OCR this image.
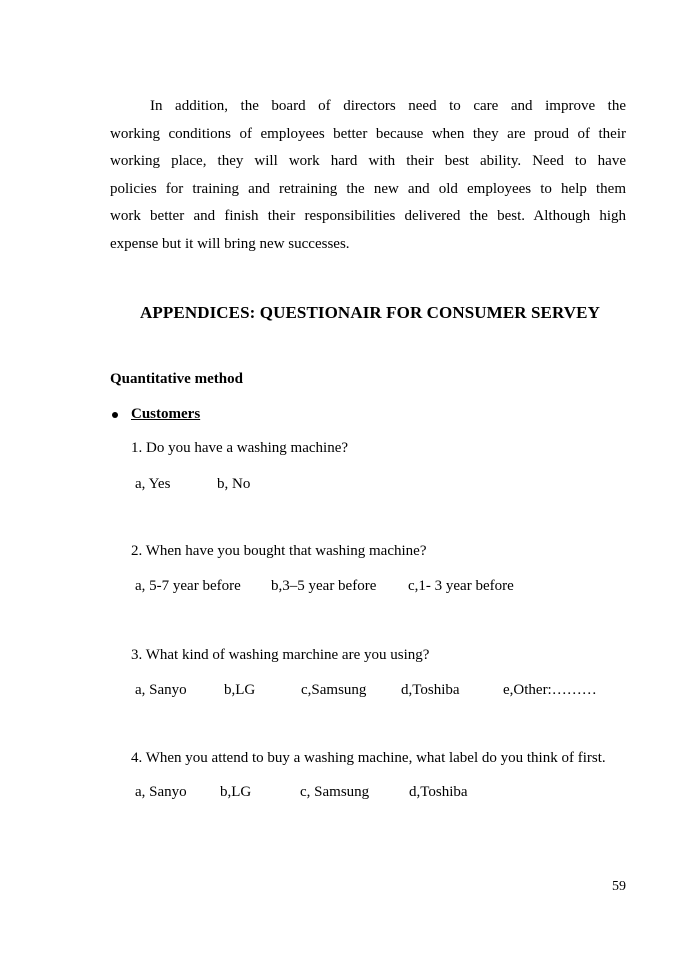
In addition, the board of directors need to care and improve the
working conditions of employees better because when they are proud of their
working place, they will work hard with their best ability. Need to have
policies for training and retraining the new and old employees to help them
work better and finish their responsibilities delivered the best. Although high
expense but it will bring new successes.
APPENDICES: QUESTIONAIR FOR CONSUMER SERVEY
Quantitative method
Customers
1. Do you have a washing machine?
a, Yes	b, No
2. When have you bought that washing machine?
a, 5-7 year before b,3–5 year before c,1- 3 year before
3. What kind of washing marchine are you using?
a, Sanyo b,LG	c,Samsung d,Toshiba	e,Other:………
4. When you attend to buy a washing machine, what label do you think of first.
a, Sanyo b,LG	c, Samsung	d,Toshiba
59
